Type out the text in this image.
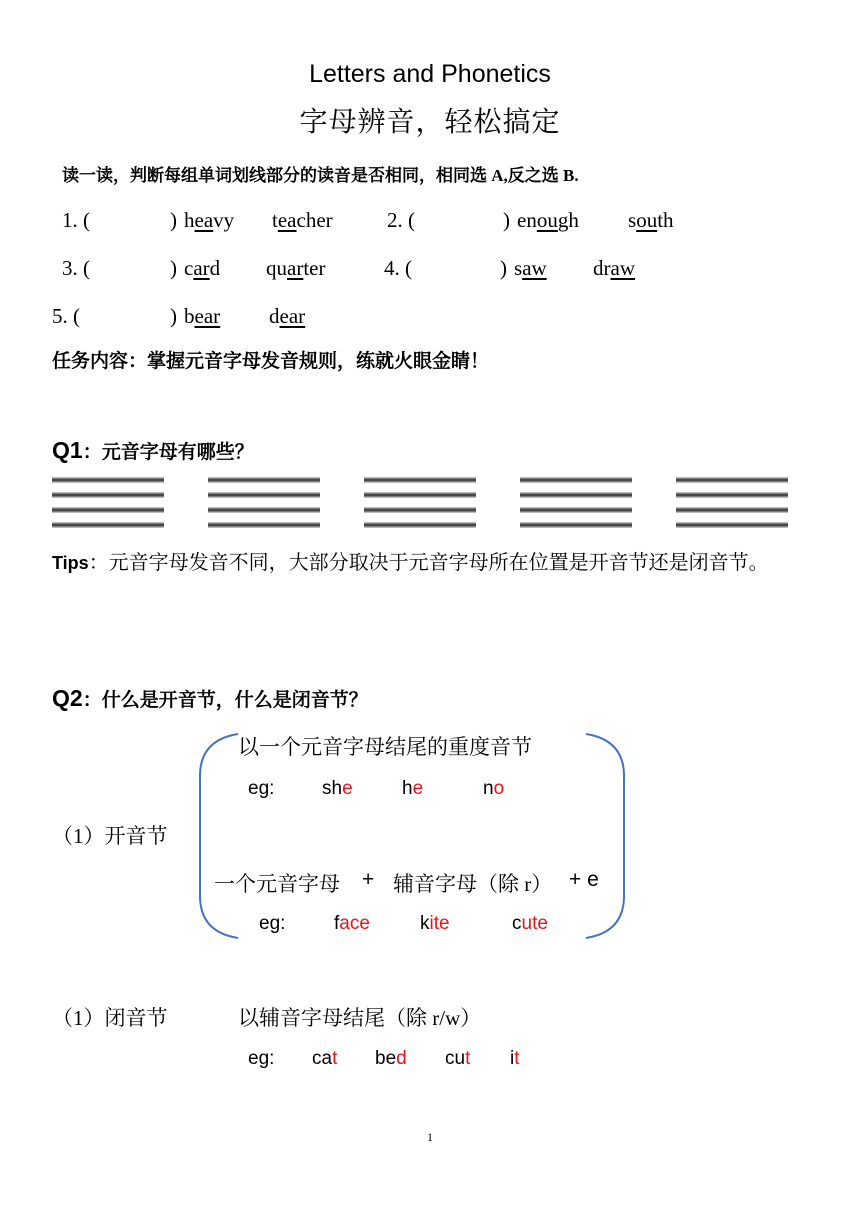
Letters and Phonetics
字母辨音，轻松搞定
读一读，判断每组单词划线部分的读音是否相同，相同选 A,反之选 B.
1. (	) heavy teacher	2. (	) enough south
3. (	) card quarter	4. (	) saw draw
5. (	) bear dear
任务内容：掌握元音字母发音规则，练就火眼金睛！
Q1：元音字母有哪些？
Tips：元音字母发音不同，大部分取决于元音字母所在位置是开音节还是闭音节。
Q2：什么是开音节，什么是闭音节？
（1）开音节
以一个元音字母结尾的重度音节
eg:	she	he	no
一个元音字母 + 辅音字母（除 r） + e
eg:	face	kite	cute
（1）闭音节	以辅音字母结尾（除 r/w）
eg: cat bed cut it
1
